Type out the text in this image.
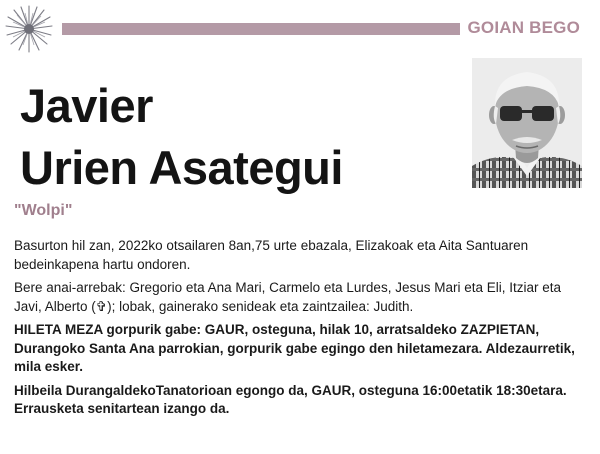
GOIAN BEGO
Javier
Urien Asategui
"Wolpi"

Basurton hil zan, 2022ko otsailaren 8an,75 urte ebazala, Elizakoak eta Aita Santuaren bedeinkapena hartu ondoren.

Bere anai-arrebak: Gregorio eta Ana Mari, Carmelo eta Lurdes, Jesus Mari eta Eli, Itziar eta Javi, Alberto (✞); lobak, gainerako senideak eta zaintzailea: Judith.

HILETA MEZA gorpurik gabe: GAUR, osteguna, hilak 10, arratsaldeko ZAZPIETAN, Durangoko Santa Ana parrokian, gorpurik gabe egingo den hiletamezara. Aldezaurretik, mila esker.

Hilbeila DurangaldekoTanatorioan egongo da, GAUR, osteguna 16:00etatik 18:30etara. Errausketa senitartean izango da.
